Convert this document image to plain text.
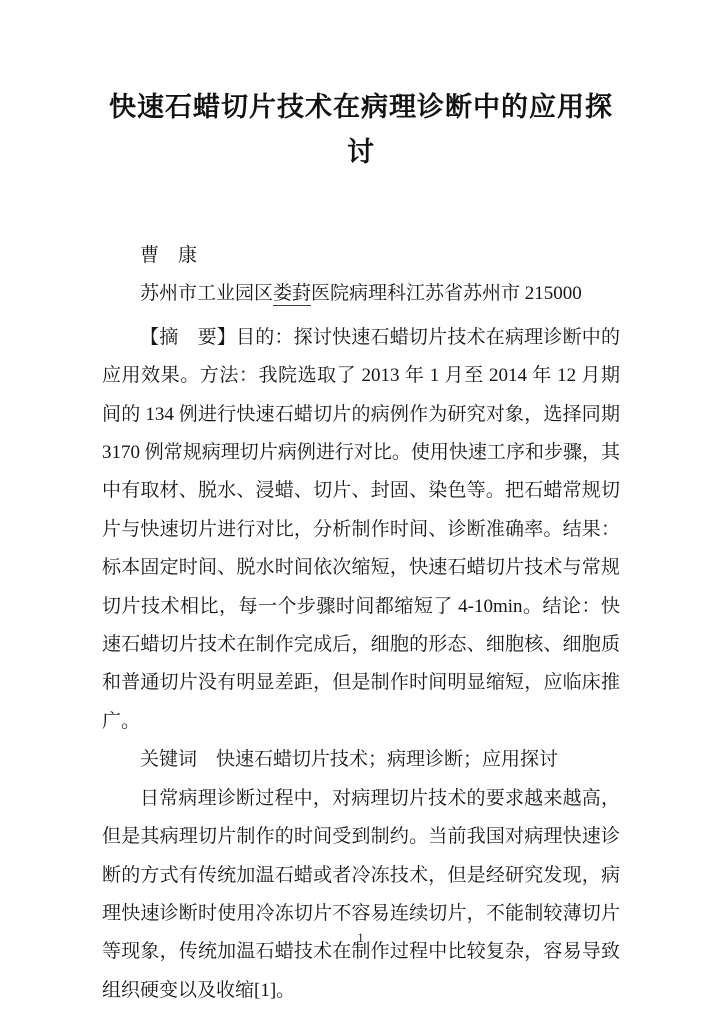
快速石蜡切片技术在病理诊断中的应用探讨

曹　康

苏州市工业园区娄葑医院病理科江苏省苏州市 215000

【摘　要】目的：探讨快速石蜡切片技术在病理诊断中的应用效果。方法：我院选取了 2013 年 1 月至 2014 年 12 月期间的 134 例进行快速石蜡切片的病例作为研究对象，选择同期 3170 例常规病理切片病例进行对比。使用快速工序和步骤，其中有取材、脱水、浸蜡、切片、封固、染色等。把石蜡常规切片与快速切片进行对比，分析制作时间、诊断准确率。结果：标本固定时间、脱水时间依次缩短，快速石蜡切片技术与常规切片技术相比，每一个步骤时间都缩短了 4-10min。结论：快速石蜡切片技术在制作完成后，细胞的形态、细胞核、细胞质和普通切片没有明显差距，但是制作时间明显缩短，应临床推广。

关键词　快速石蜡切片技术；病理诊断；应用探讨

日常病理诊断过程中，对病理切片技术的要求越来越高，但是其病理切片制作的时间受到制约。当前我国对病理快速诊断的方式有传统加温石蜡或者冷冻技术，但是经研究发现，病理快速诊断时使用冷冻切片不容易连续切片，不能制较薄切片等现象，传统加温石蜡技术在制作过程中比较复杂，容易导致组织硬变以及收缩[1]。

1
